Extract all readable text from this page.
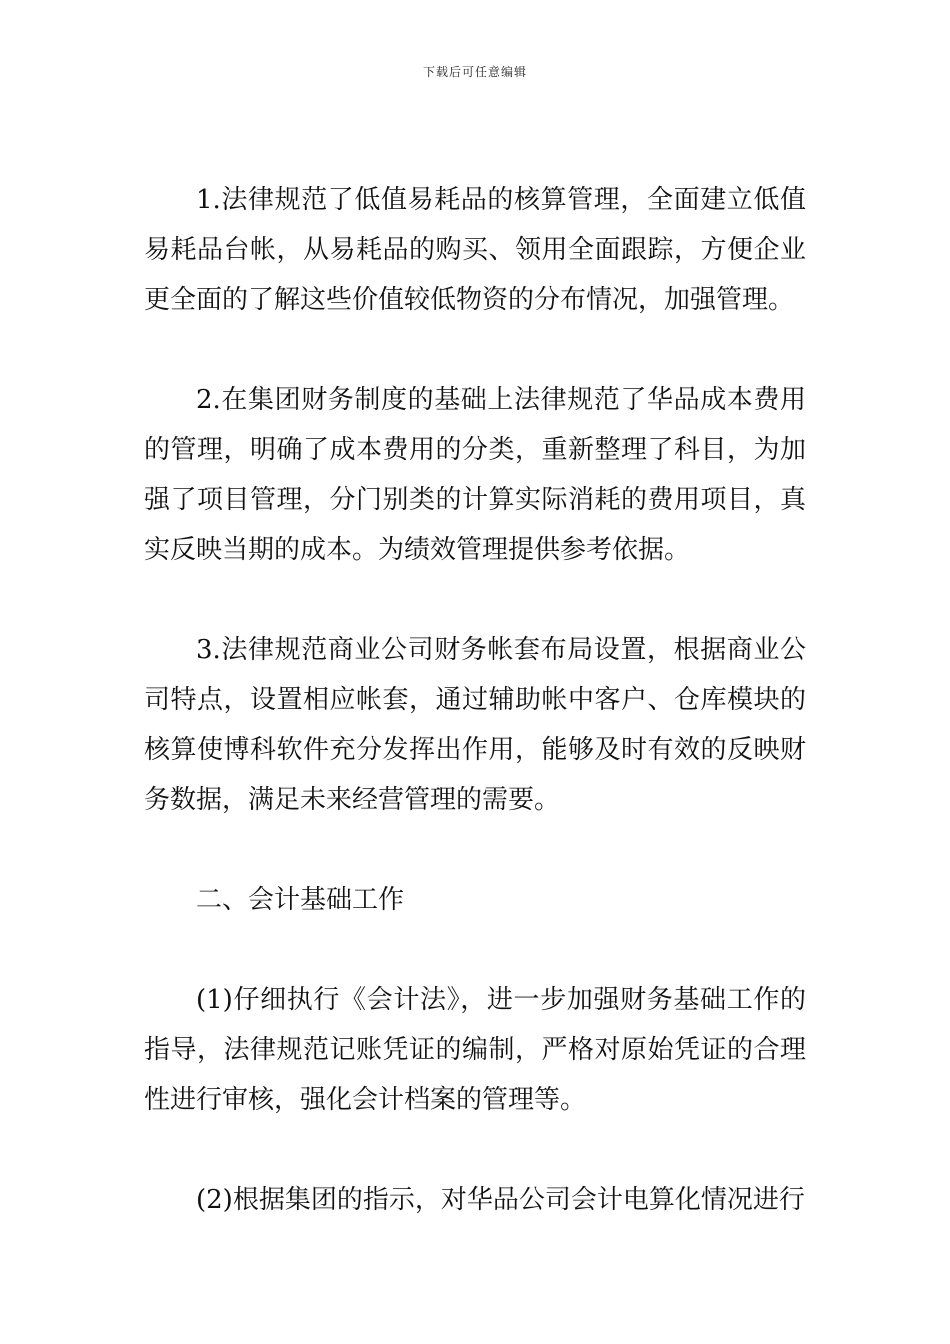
下载后可任意编辑

1.法律规范了低值易耗品的核算管理，全面建立低值易耗品台帐，从易耗品的购买、领用全面跟踪，方便企业更全面的了解这些价值较低物资的分布情况，加强管理。

2.在集团财务制度的基础上法律规范了华品成本费用的管理，明确了成本费用的分类，重新整理了科目，为加强了项目管理，分门别类的计算实际消耗的费用项目，真实反映当期的成本。为绩效管理提供参考依据。

3.法律规范商业公司财务帐套布局设置，根据商业公司特点，设置相应帐套，通过辅助帐中客户、仓库模块的核算使博科软件充分发挥出作用，能够及时有效的反映财务数据，满足未来经营管理的需要。

二、会计基础工作

(1)仔细执行《会计法》，进一步加强财务基础工作的指导，法律规范记账凭证的编制，严格对原始凭证的合理性进行审核，强化会计档案的管理等。

(2)根据集团的指示，对华品公司会计电算化情况进行
